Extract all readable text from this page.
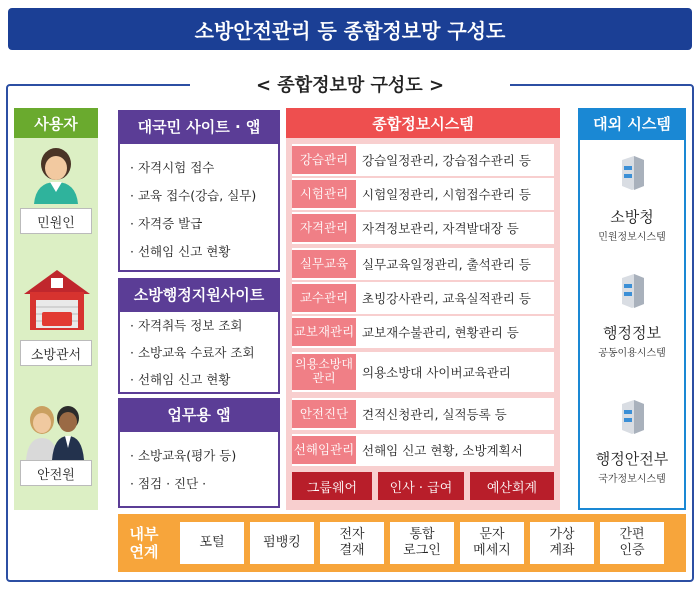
소방안전관리 등 종합정보망 구성도
< 종합정보망 구성도 >
사용자
민원인
소방관서
안전원
대국민 사이트 · 앱
· 자격시험 접수
· 교육 접수(강습, 실무)
· 자격증 발급
· 선해임 신고 현황
소방행정지원사이트
· 자격취득 정보 조회
· 소방교육 수료자 조회
· 선해임 신고 현황
업무용 앱
· 소방교육(평가 등)
· 점검 · 진단 ·
종합정보시스템
강습관리	강습일정관리, 강습접수관리 등
시험관리	시험일정관리, 시험접수관리 등
자격관리	자격정보관리, 자격발대장 등
실무교육	실무교육일정관리, 출석관리 등
교수관리	초빙강사관리, 교육실적관리 등
교보재관리 교보재수불관리, 현황관리 등
의용소방대관리	의용소방대 사이버교육관리
안전진단	견적신청관리, 실적등록 등
선해임관리 선해임 신고 현황, 소방계획서
그룹웨어	인사 · 급여	예산회계
대외 시스템
소방청
민원정보시스템
행정정보
공동이용시스템
행정안전부
국가정보시스템
내부
연계
포털	펌뱅킹
전자
결재
통합
로그인
문자
메세지
가상
계좌
간편
인증
